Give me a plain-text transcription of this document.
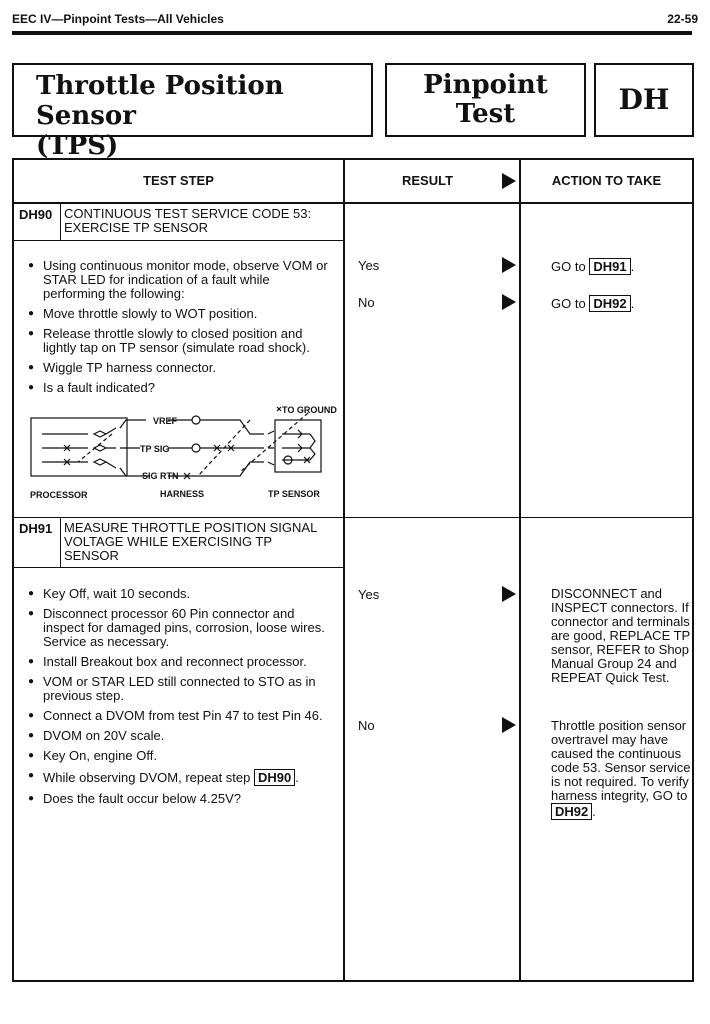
EEC IV—Pinpoint Tests—All Vehicles	22-59
Throttle Position Sensor
(TPS)
Pinpoint
Test	DH
TEST STEP	RESULT	ACTION TO TAKE
DH90 CONTINUOUS TEST SERVICE CODE 53:
EXERCISE TP SENSOR
● Using continuous monitor mode, observe VOM or STAR LED for indication of a fault while performing the following:
● Move throttle slowly to WOT position.
● Release throttle slowly to closed position and lightly tap on TP sensor (simulate road shock).
● Wiggle TP harness connector.
● Is a fault indicated?
TO GROUND
VREF
TP SIG
SIG RTN
PROCESSOR	HARNESS	TP SENSOR
Yes	GO to DH91 .
No	GO to DH92 .
DH91 MEASURE THROTTLE POSITION SIGNAL
VOLTAGE WHILE EXERCISING TP
SENSOR
● Key Off, wait 10 seconds.
● Disconnect processor 60 Pin connector and inspect for damaged pins, corrosion, loose wires. Service as necessary.
● Install Breakout box and reconnect processor.
● VOM or STAR LED still connected to STO as in previous step.
● Connect a DVOM from test Pin 47 to test Pin 46.
● DVOM on 20V scale.
● Key On, engine Off.
● While observing DVOM, repeat step DH90 .
● Does the fault occur below 4.25V?
Yes	DISCONNECT and INSPECT connectors. If connector and terminals are good, REPLACE TP sensor, REFER to Shop Manual Group 24 and REPEAT Quick Test.
No	Throttle position sensor overtravel may have caused the continuous code 53. Sensor service is not required. To verify harness integrity, GO to DH92 .
